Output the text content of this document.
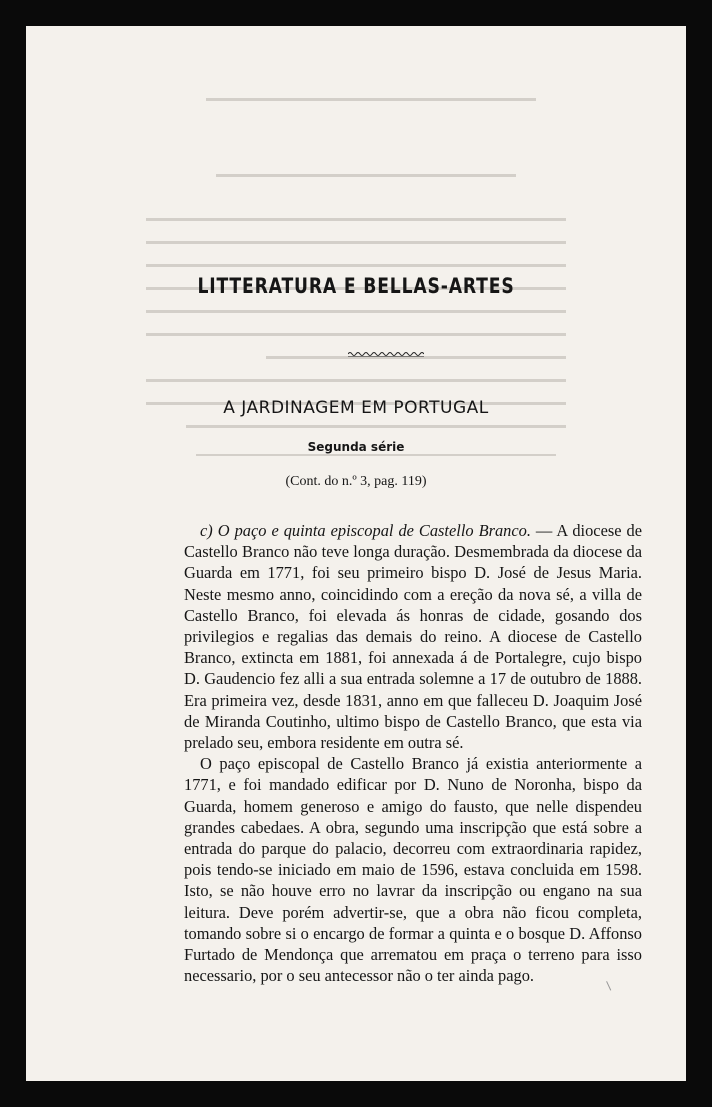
LITTERATURA E BELLAS-ARTES
A JARDINAGEM EM PORTUGAL
Segunda série
(Cont. do n.º 3, pag. 119)

c) O paço e quinta episcopal de Castello Branco. — A diocese de Castello Branco não teve longa duração. Desmembrada da diocese da Guarda em 1771, foi seu primeiro bispo D. José de Jesus Maria. Neste mesmo anno, coincidindo com a ereção da nova sé, a villa de Castello Branco, foi elevada ás honras de cidade, gosando dos privilegios e regalias das demais do reino. A diocese de Castello Branco, extincta em 1881, foi annexada á de Portalegre, cujo bispo D. Gaudencio fez alli a sua entrada solemne a 17 de outubro de 1888. Era primeira vez, desde 1831, anno em que falleceu D. Joaquim José de Miranda Coutinho, ultimo bispo de Castello Branco, que esta via prelado seu, embora residente em outra sé.

O paço episcopal de Castello Branco já existia anteriormente a 1771, e foi mandado edificar por D. Nuno de Noronha, bispo da Guarda, homem generoso e amigo do fausto, que nelle dispendeu grandes cabedaes. A obra, segundo uma inscripção que está sobre a entrada do parque do palacio, decorreu com extraordinaria rapidez, pois tendo-se iniciado em maio de 1596, estava concluida em 1598. Isto, se não houve erro no lavrar da inscripção ou engano na sua leitura. Deve porém advertir-se, que a obra não ficou completa, tomando sobre si o encargo de formar a quinta e o bosque D. Affonso Furtado de Mendonça que arrematou em praça o terreno para isso necessario, por o seu antecessor não o ter ainda pago.
